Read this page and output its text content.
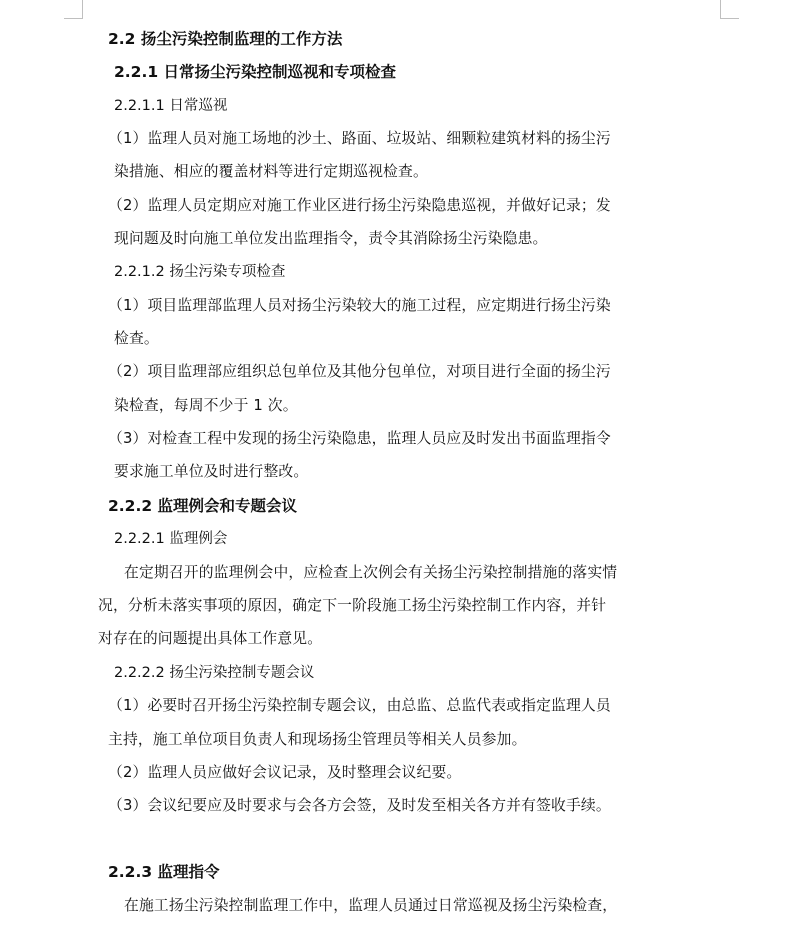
2.2 扬尘污染控制监理的工作方法
2.2.1 日常扬尘污染控制巡视和专项检查
2.2.1.1 日常巡视
（1）监理人员对施工场地的沙土、路面、垃圾站、细颗粒建筑材料的扬尘污
染措施、相应的覆盖材料等进行定期巡视检查。
（2）监理人员定期应对施工作业区进行扬尘污染隐患巡视，并做好记录；发
现问题及时向施工单位发出监理指令，责令其消除扬尘污染隐患。
2.2.1.2 扬尘污染专项检查
（1）项目监理部监理人员对扬尘污染较大的施工过程，应定期进行扬尘污染
检查。
（2）项目监理部应组织总包单位及其他分包单位，对项目进行全面的扬尘污
染检查，每周不少于 1 次。
（3）对检查工程中发现的扬尘污染隐患，监理人员应及时发出书面监理指令
要求施工单位及时进行整改。
2.2.2 监理例会和专题会议
2.2.2.1 监理例会
在定期召开的监理例会中，应检查上次例会有关扬尘污染控制措施的落实情
况，分析未落实事项的原因，确定下一阶段施工扬尘污染控制工作内容，并针
对存在的问题提出具体工作意见。
2.2.2.2 扬尘污染控制专题会议
（1）必要时召开扬尘污染控制专题会议，由总监、总监代表或指定监理人员
主持，施工单位项目负责人和现场扬尘管理员等相关人员参加。
（2）监理人员应做好会议记录，及时整理会议纪要。
（3）会议纪要应及时要求与会各方会签，及时发至相关各方并有签收手续。
2.2.3 监理指令
在施工扬尘污染控制监理工作中，监理人员通过日常巡视及扬尘污染检查，
